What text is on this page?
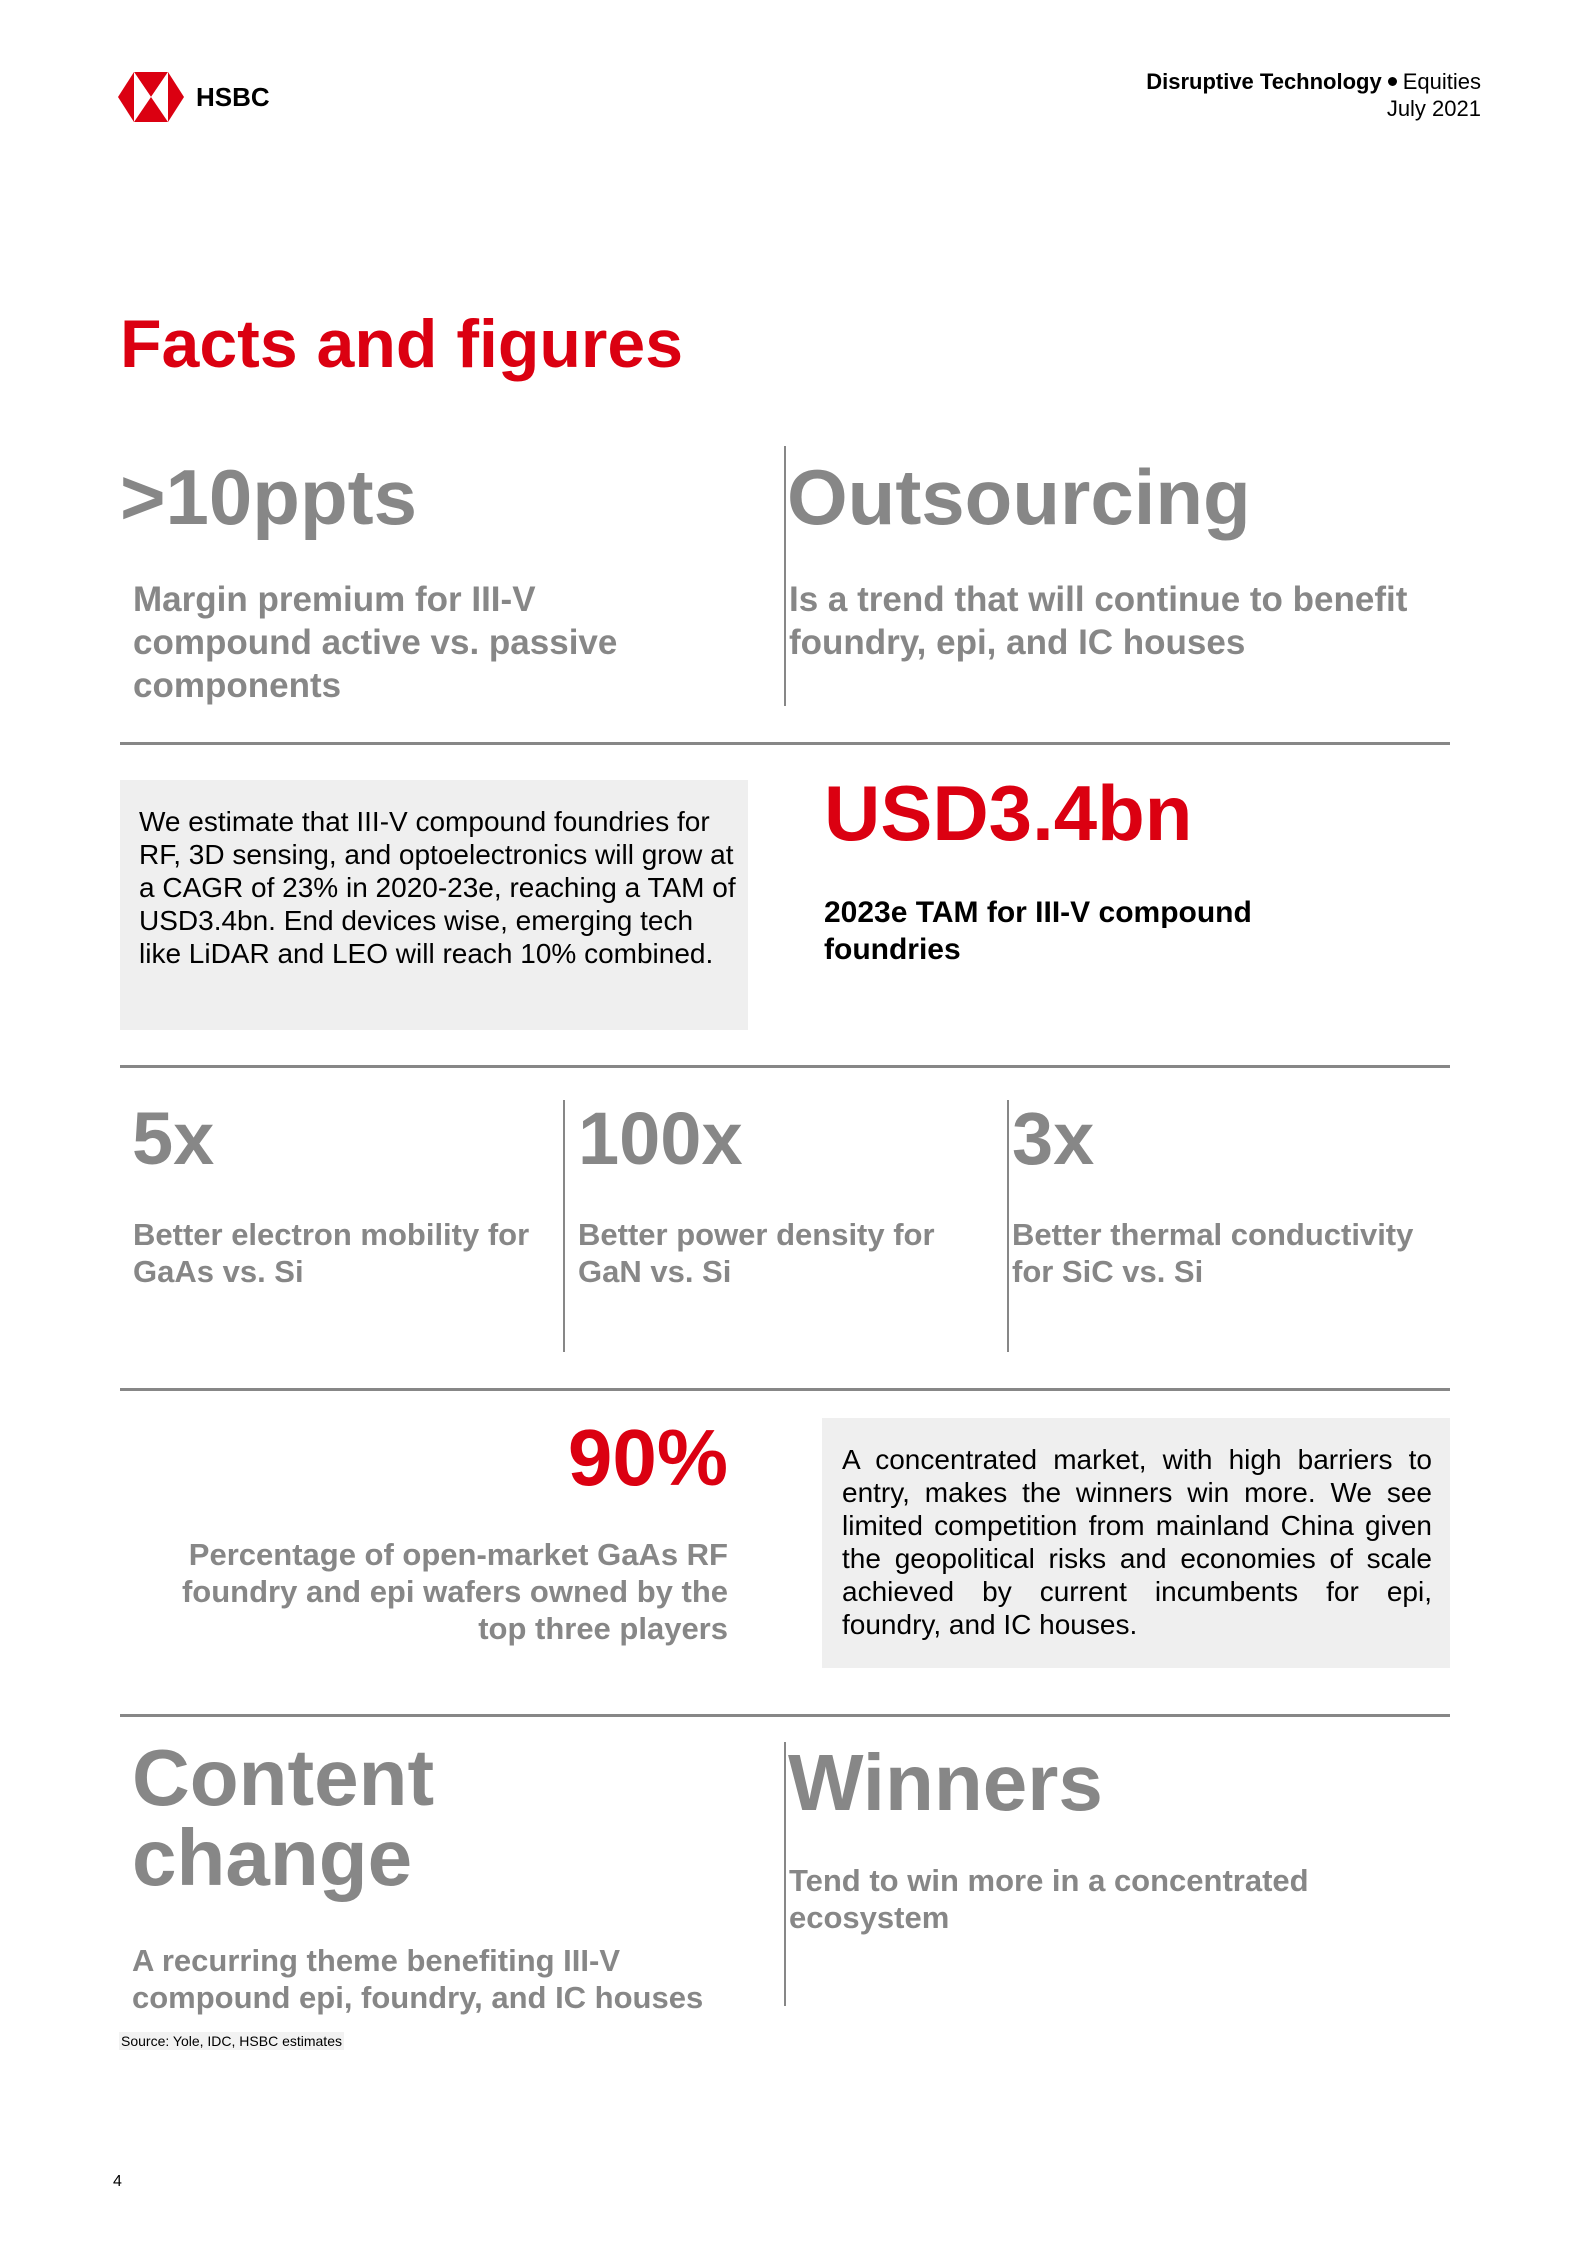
HSBC	Disruptive Technology Equities
July 2021
Facts and figures
>10ppts
Margin premium for III-V compound active vs. passive components
Outsourcing
Is a trend that will continue to benefit foundry, epi, and IC houses

We estimate that III-V compound foundries for RF, 3D sensing, and optoelectronics will grow at a CAGR of 23% in 2020-23e, reaching a TAM of USD3.4bn. End devices wise, emerging tech like LiDAR and LEO will reach 10% combined.

USD3.4bn
2023e TAM for III-V compound foundries
5x
Better electron mobility for GaAs vs. Si
100x
Better power density for GaN vs. Si
3x
Better thermal conductivity for SiC vs. Si
90%
Percentage of open-market GaAs RF foundry and epi wafers owned by the top three players

A concentrated market, with high barriers to entry, makes the winners win more. We see limited competition from mainland China given the geopolitical risks and economies of scale achieved by current incumbents for epi, foundry, and IC houses.

Content change
A recurring theme benefiting III-V compound epi, foundry, and IC houses
Winners
Tend to win more in a concentrated ecosystem
Source: Yole, IDC, HSBC estimates
4
